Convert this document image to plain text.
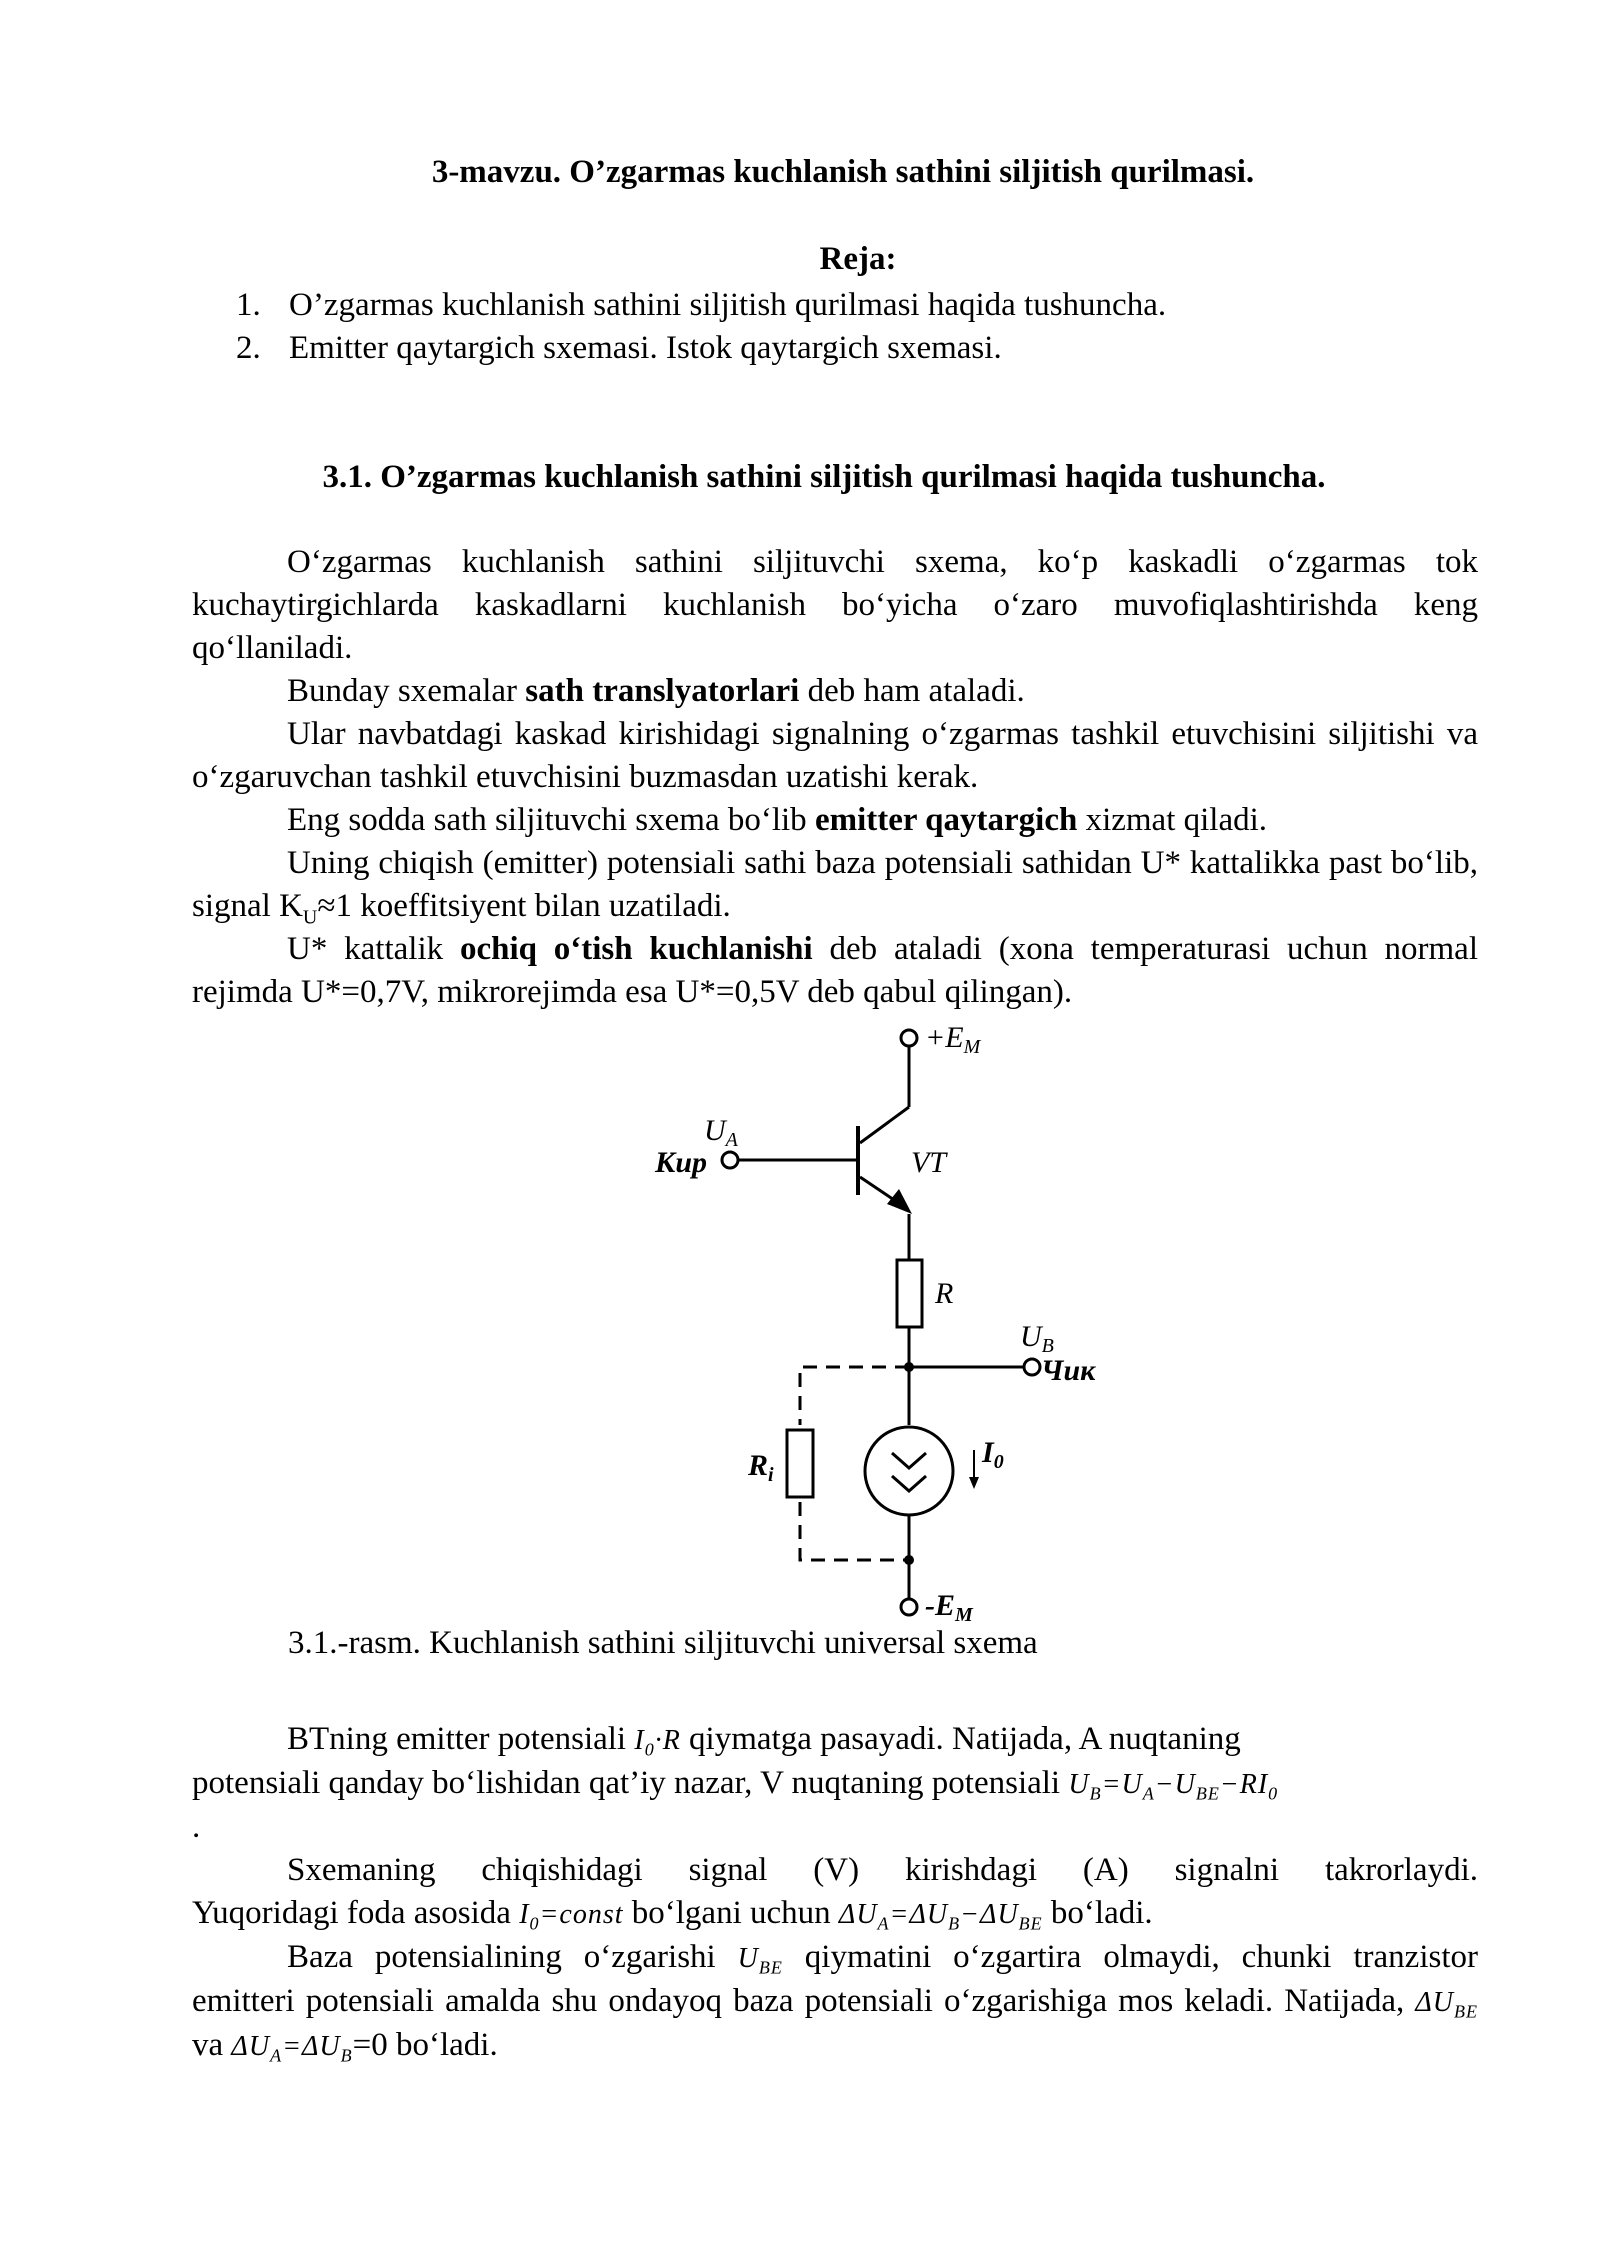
3-mavzu. O’zgarmas kuchlanish sathini siljitish qurilmasi.
Reja:
1. O’zgarmas kuchlanish sathini siljitish qurilmasi haqida tushuncha.
2. Emitter qaytargich sxemasi. Istok qaytargich sxemasi.
3.1. O’zgarmas kuchlanish sathini siljitish qurilmasi haqida tushuncha.

O‘zgarmas kuchlanish sathini siljituvchi sxema, ko‘p kaskadli o‘zgarmas tok kuchaytirgichlarda kaskadlarni kuchlanish bo‘yicha o‘zaro muvofiqlashtirishda keng qo‘llaniladi.

Bunday sxemalar sath translyatorlari deb ham ataladi.

Ular navbatdagi kaskad kirishidagi signalning o‘zgarmas tashkil etuvchisini siljitishi va o‘zgaruvchan tashkil etuvchisini buzmasdan uzatishi kerak.

Eng sodda sath siljituvchi sxema bo‘lib emitter qaytargich xizmat qiladi.

Uning chiqish (emitter) potensiali sathi baza potensiali sathidan U* kattalikka past bo‘lib, signal $K_U\approx 1$ koeffitsiyent bilan uzatiladi.

U* kattalik ochiq o‘tish kuchlanishi deb ataladi (xona temperaturasi uchun normal rejimda U*=0,7V, mikrorejimda esa U*=0,5V deb qabul qilingan).

$+E_M$
$U_A$
Кир	VT
R
$U_B$
Чик
$R_i$
$I_0$
$-E_M$
3.1.-rasm. Kuchlanish sathini siljituvchi universal sxema
BTning emitter potensiali $I_0\cdot R$ qiymatga pasayadi. Natijada, A nuqtaning
potensiali qanday bo‘lishidan qat’iy nazar, V nuqtaning potensiali $U_B=U_A-U_{BE}-RI_0$
.
Sxemaning chiqishidagi signal (V) kirishdagi (A) signalni takrorlaydi.
Yuqoridagi foda asosida $I_0=const$ bo‘lgani uchun $\Delta U_A=\Delta U_B-\Delta U_{BE}$ bo‘ladi.

Baza potensialining o‘zgarishi $U_{BE}$ qiymatini o‘zgartira olmaydi, chunki tranzistor emitteri potensiali amalda shu ondayoq baza potensiali o‘zgarishiga mos keladi. Natijada, $\Delta U_{BE}$ va $\Delta U_A=\Delta U_B=0$ bo‘ladi.
